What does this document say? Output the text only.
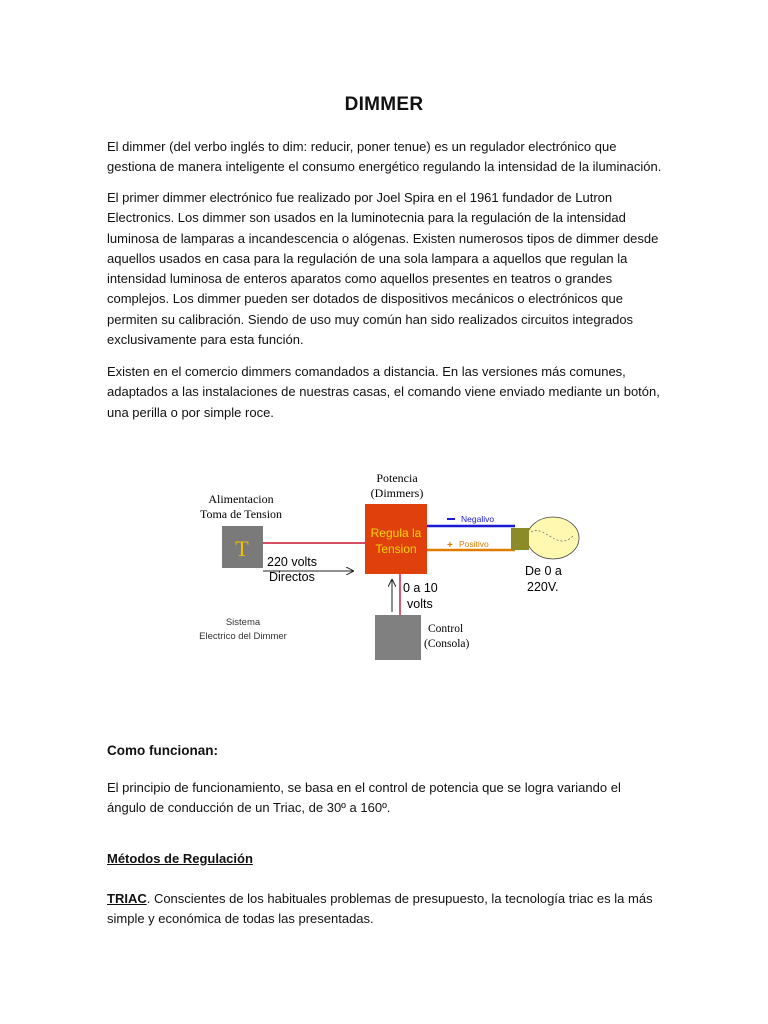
DIMMER

El dimmer (del verbo inglés to dim: reducir, poner tenue) es un regulador electrónico que gestiona de manera inteligente el consumo energético regulando la intensidad de la iluminación.

El primer dimmer electrónico fue realizado por Joel Spira en el 1961 fundador de Lutron Electronics. Los dimmer son usados en la luminotecnia para la regulación de la intensidad luminosa de lamparas a incandescencia o alógenas. Existen numerosos tipos de dimmer desde aquellos usados en casa para la regulación de una sola lampara a aquellos que regulan la intensidad luminosa de enteros aparatos como aquellos presentes en teatros o grandes complejos. Los dimmer pueden ser dotados de dispositivos mecánicos o electrónicos que permiten su calibración. Siendo de uso muy común han sido realizados circuitos integrados exclusivamente para esta función.

Existen en el comercio dimmers comandados a distancia. En las versiones más comunes, adaptados a las instalaciones de nuestras casas, el comando viene enviado mediante un botón, una perilla o por simple roce.

Alimentacion
Toma de Tension
T
220 volts
Directos
Potencia
(Dimmers)
Regula la
Tension
Negalivo
+ Positivo
De 0 a
220V.
0 a 10
volts
Control
(Consola)
Sistema
Electrico del Dimmer
Como funcionan:

El principio de funcionamiento, se basa en el control de potencia que se logra variando el ángulo de conducción de un Triac, de 30º a 160º.

Métodos de Regulación

TRIAC. Conscientes de los habituales problemas de presupuesto, la tecnología triac es la más simple y económica de todas las presentadas.
